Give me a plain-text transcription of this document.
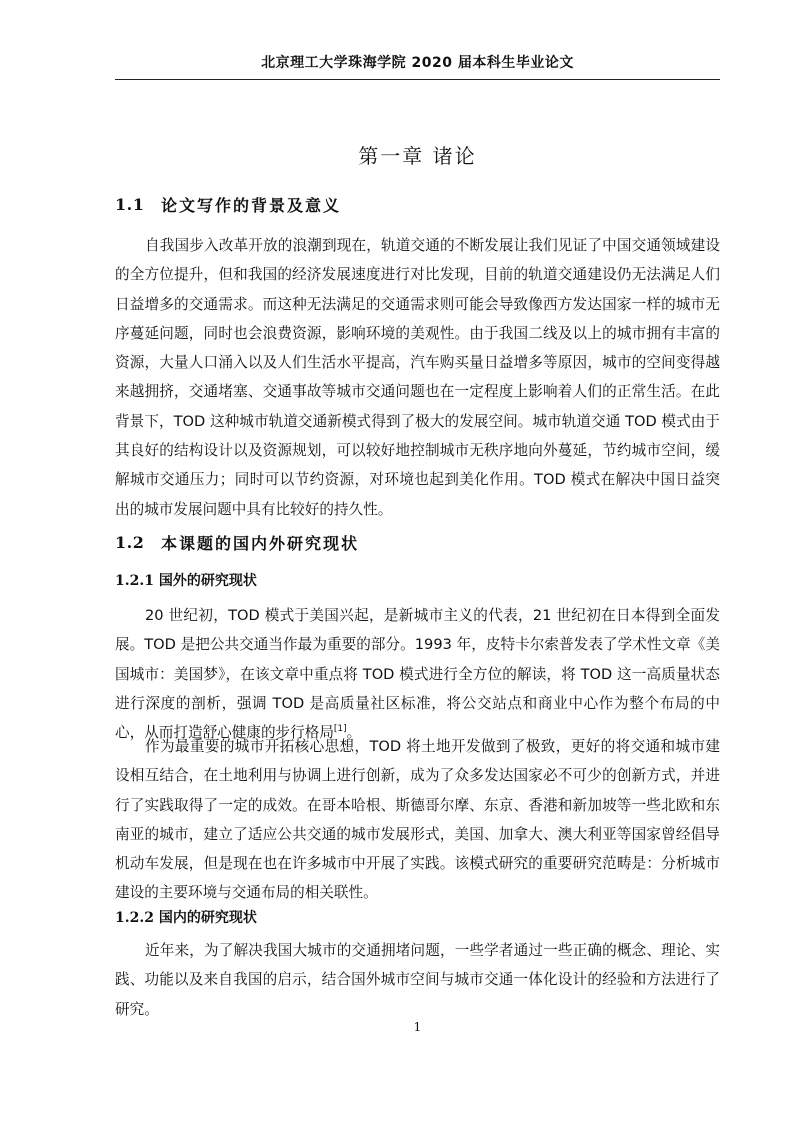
北京理工大学珠海学院 2020 届本科生毕业论文
第一章 诸论
1.1	论文写作的背景及意义

自我国步入改革开放的浪潮到现在，轨道交通的不断发展让我们见证了中国交通领域建设的全方位提升，但和我国的经济发展速度进行对比发现，目前的轨道交通建设仍无法满足人们日益增多的交通需求。而这种无法满足的交通需求则可能会导致像西方发达国家一样的城市无序蔓延问题，同时也会浪费资源，影响环境的美观性。由于我国二线及以上的城市拥有丰富的资源，大量人口涌入以及人们生活水平提高，汽车购买量日益增多等原因，城市的空间变得越来越拥挤，交通堵塞、交通事故等城市交通问题也在一定程度上影响着人们的正常生活。在此背景下，TOD 这种城市轨道交通新模式得到了极大的发展空间。城市轨道交通 TOD 模式由于其良好的结构设计以及资源规划，可以较好地控制城市无秩序地向外蔓延，节约城市空间，缓解城市交通压力；同时可以节约资源，对环境也起到美化作用。TOD 模式在解决中国日益突出的城市发展问题中具有比较好的持久性。

1.2	本课题的国内外研究现状
1.2.1 国外的研究现状

20 世纪初，TOD 模式于美国兴起，是新城市主义的代表，21 世纪初在日本得到全面发展。TOD 是把公共交通当作最为重要的部分。1993 年，皮特卡尔索普发表了学术性文章《美国城市：美国梦》，在该文章中重点将 TOD 模式进行全方位的解读，将 TOD 这一高质量状态进行深度的剖析，强调 TOD 是高质量社区标准，将公交站点和商业中心作为整个布局的中心，从而打造舒心健康的步行格局[1]。

作为最重要的城市开拓核心思想，TOD 将土地开发做到了极致，更好的将交通和城市建设相互结合，在土地利用与协调上进行创新，成为了众多发达国家必不可少的创新方式，并进行了实践取得了一定的成效。在哥本哈根、斯德哥尔摩、东京、香港和新加坡等一些北欧和东南亚的城市，建立了适应公共交通的城市发展形式，美国、加拿大、澳大利亚等国家曾经倡导机动车发展，但是现在也在许多城市中开展了实践。该模式研究的重要研究范畴是：分析城市建设的主要环境与交通布局的相关联性。

1.2.2 国内的研究现状

近年来，为了解决我国大城市的交通拥堵问题，一些学者通过一些正确的概念、理论、实践、功能以及来自我国的启示，结合国外城市空间与城市交通一体化设计的经验和方法进行了研究。

1
